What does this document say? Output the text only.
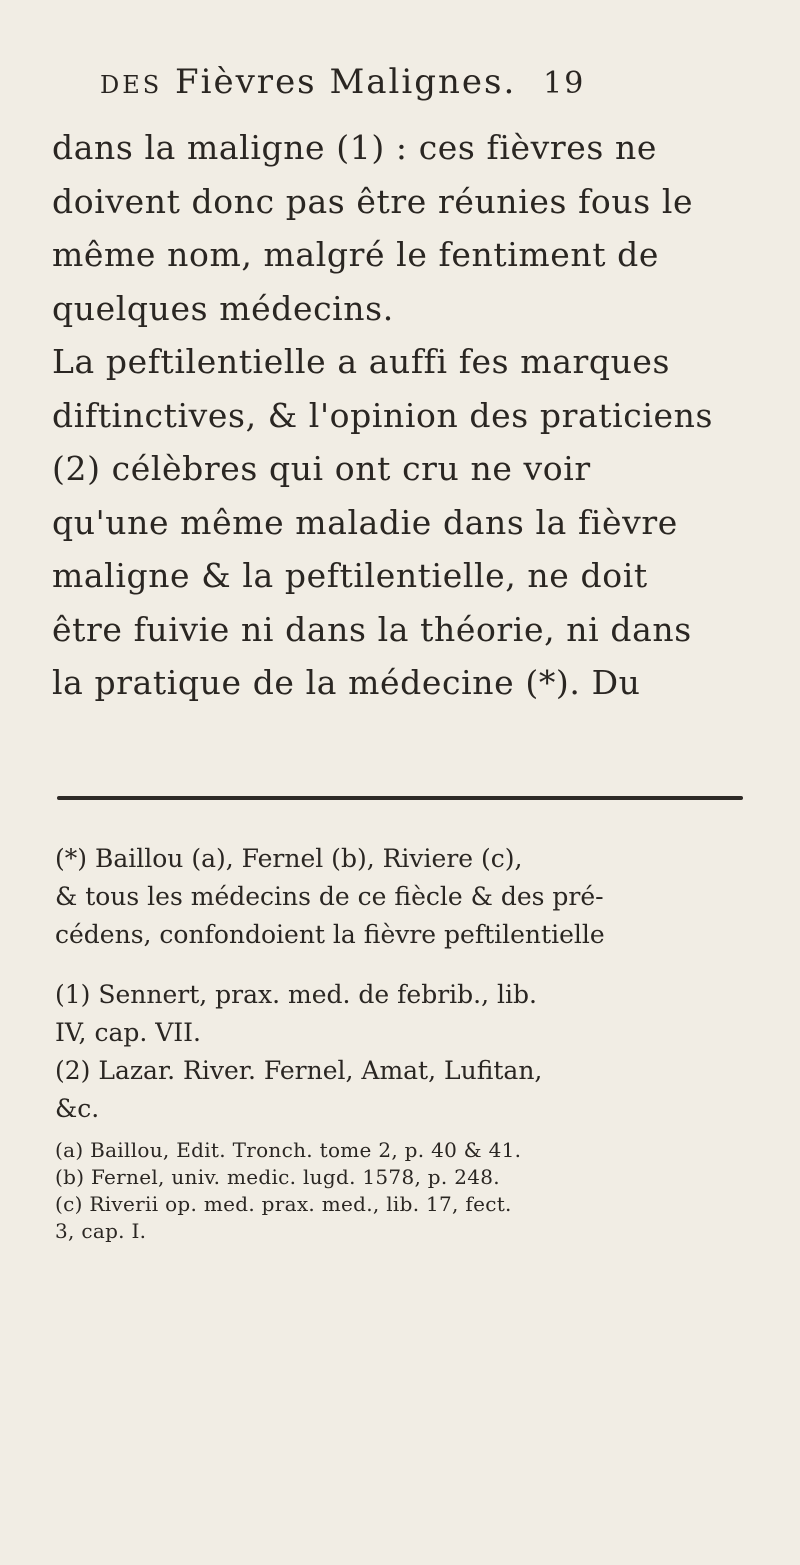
DES Fièvres Malignes. 19
dans la maligne (1) : ces fièvres ne
doivent donc pas être réunies fous le
même nom, malgré le fentiment de
quelques médecins.
La peftilentielle a auffi fes marques
diftinctives, & l'opinion des praticiens
(2) célèbres qui ont cru ne voir
qu'une même maladie dans la fièvre
maligne & la peftilentielle, ne doit
être fuivie ni dans la théorie, ni dans
la pratique de la médecine (*). Du
(*) Baillou (a), Fernel (b), Riviere (c),
& tous les médecins de ce fiècle & des pré-
cédens, confondoient la fièvre peftilentielle
(1) Sennert, prax. med. de febrib., lib.
IV, cap. VII.
(2) Lazar. River. Fernel, Amat, Lufitan,
&c.
(a) Baillou, Edit. Tronch. tome 2, p. 40 & 41.
(b) Fernel, univ. medic. lugd. 1578, p. 248.
(c) Riverii op. med. prax. med., lib. 17, fect.
3, cap. I.
